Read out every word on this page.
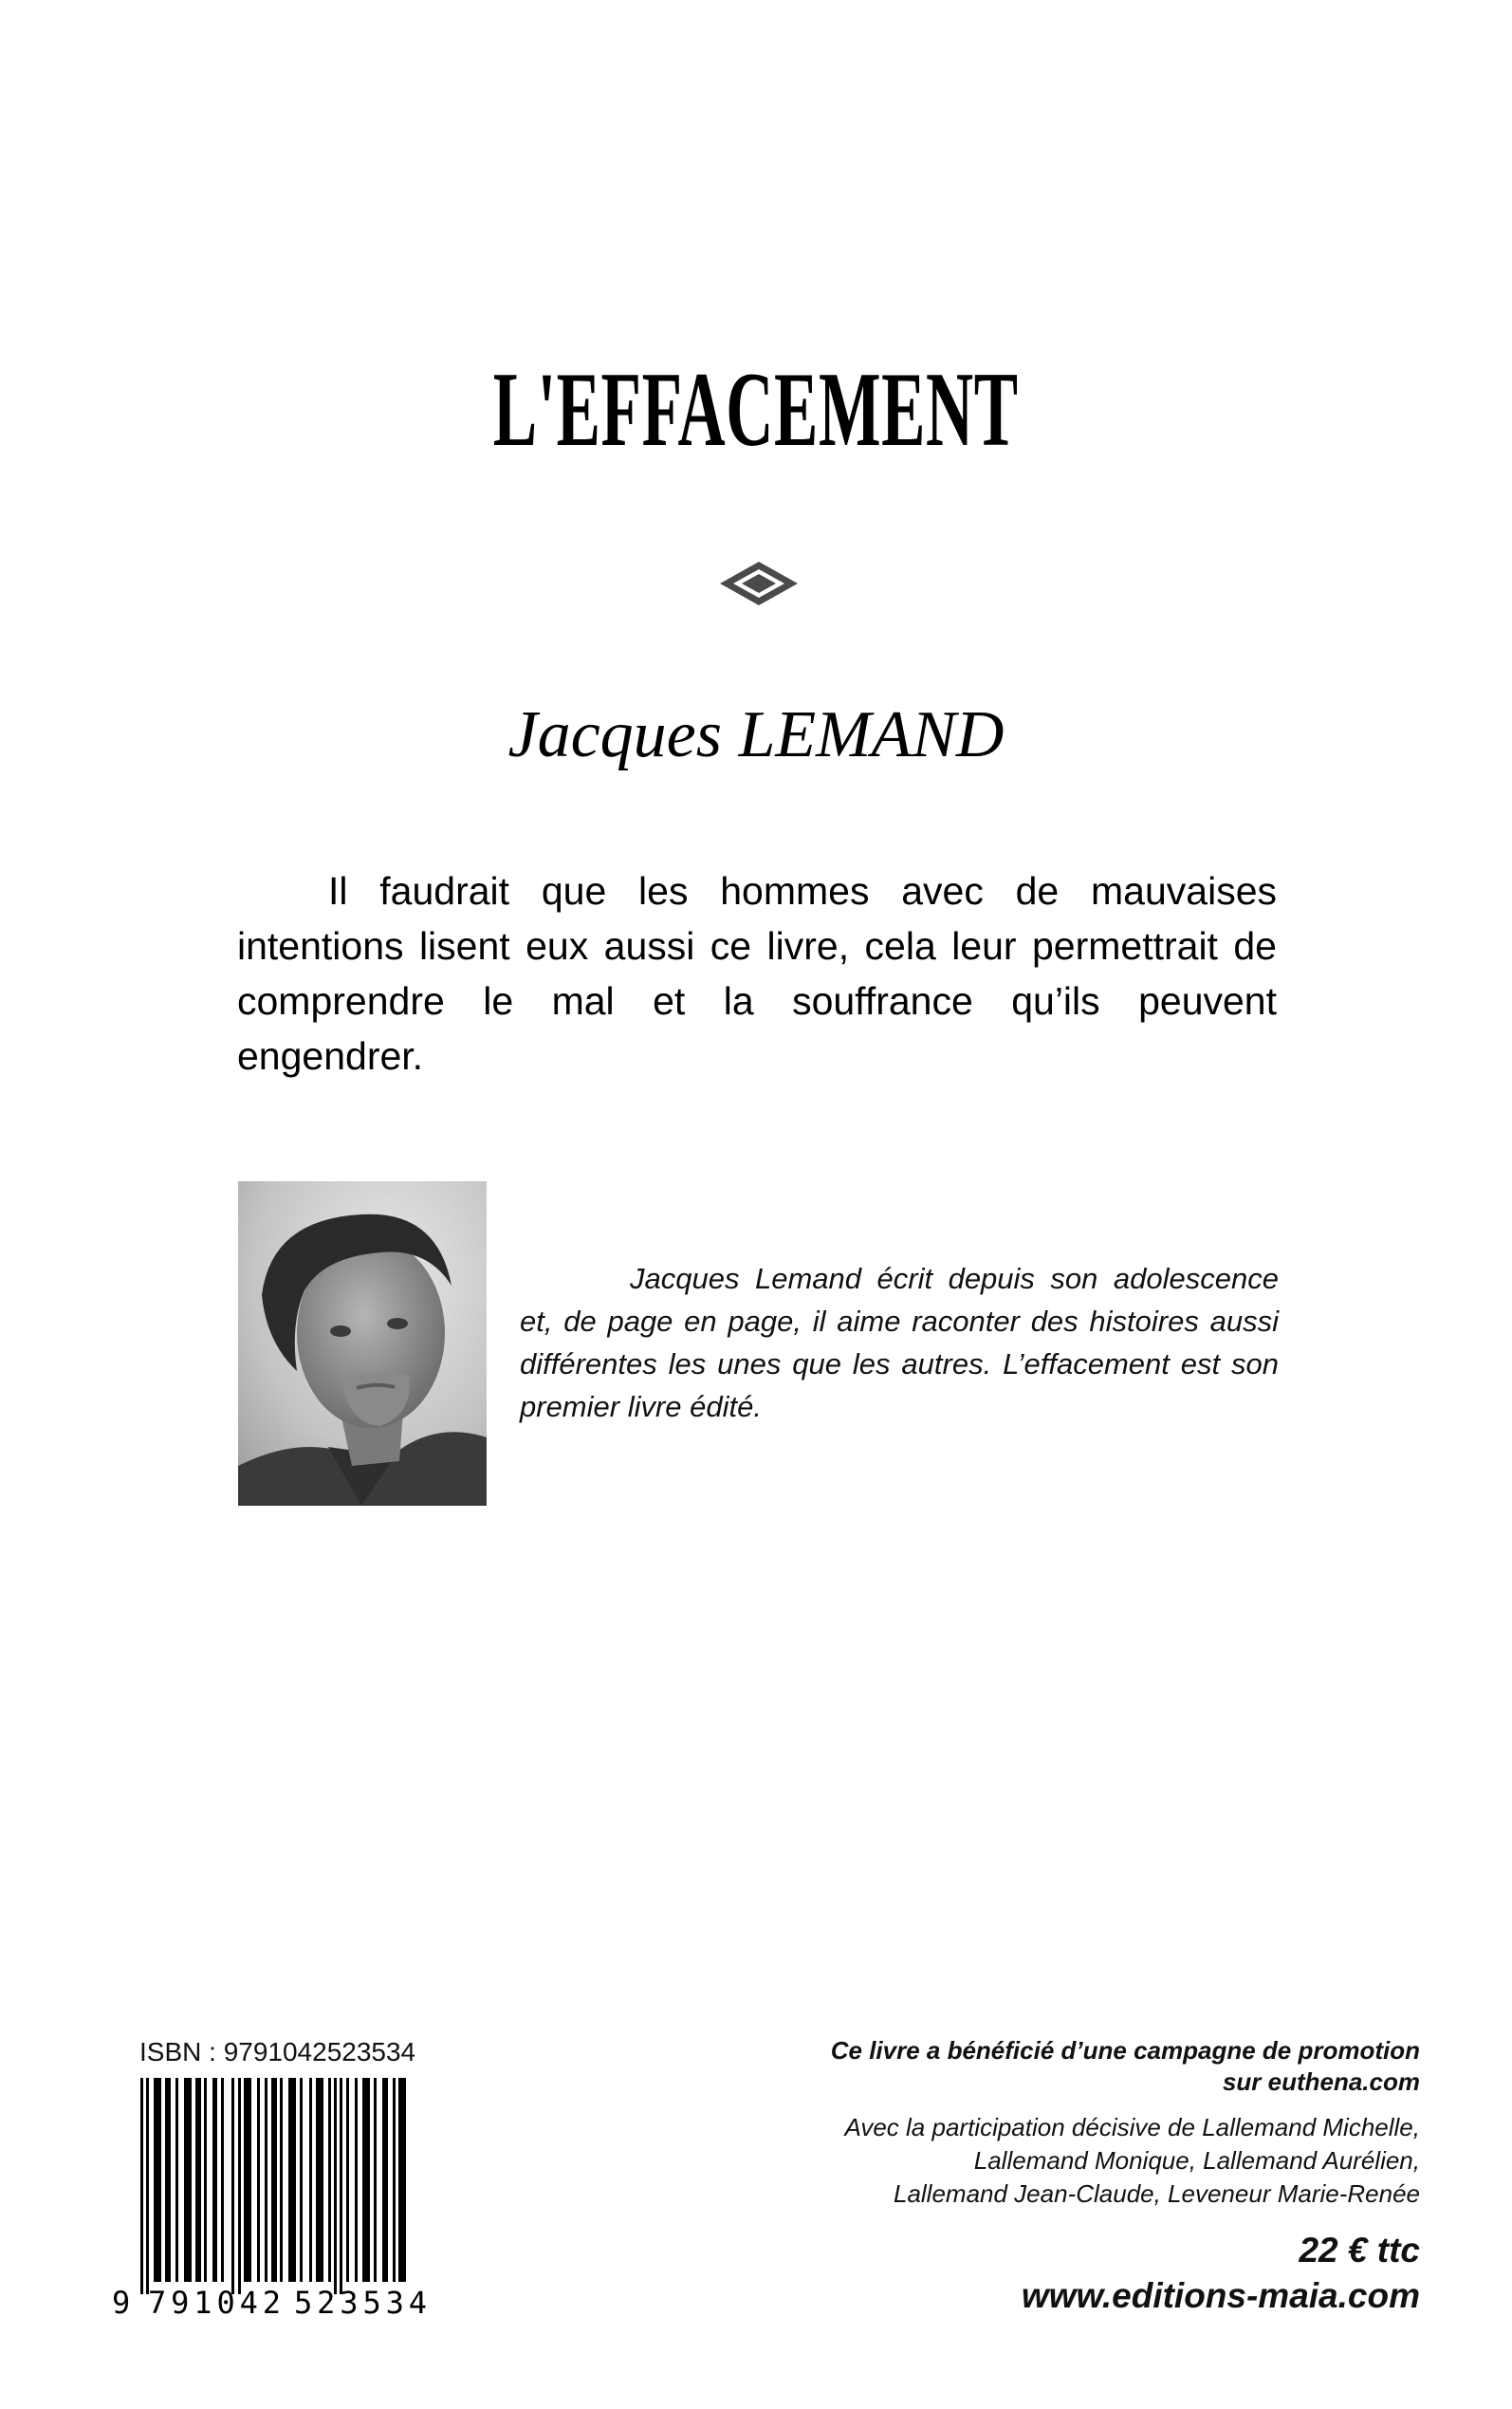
L'EFFACEMENT
Jacques LEMAND
Il faudrait que les hommes avec de mauvaises intentions lisent eux aussi ce livre, cela leur permettrait de comprendre le mal et la souffrance qu’ils peuvent engendrer.
Jacques Lemand écrit depuis son adolescence et, de page en page, il aime raconter des histoires aussi différentes les unes que les autres. L’effacement est son premier livre édité.
ISBN : 9791042523534
9 791042 523534

Ce livre a bénéficié d’une campagne de promotion
sur euthena.com

Avec la participation décisive de Lallemand Michelle,
Lallemand Monique, Lallemand Aurélien,
Lallemand Jean-Claude, Leveneur Marie-Renée

22 € ttc

www.editions-maia.com
